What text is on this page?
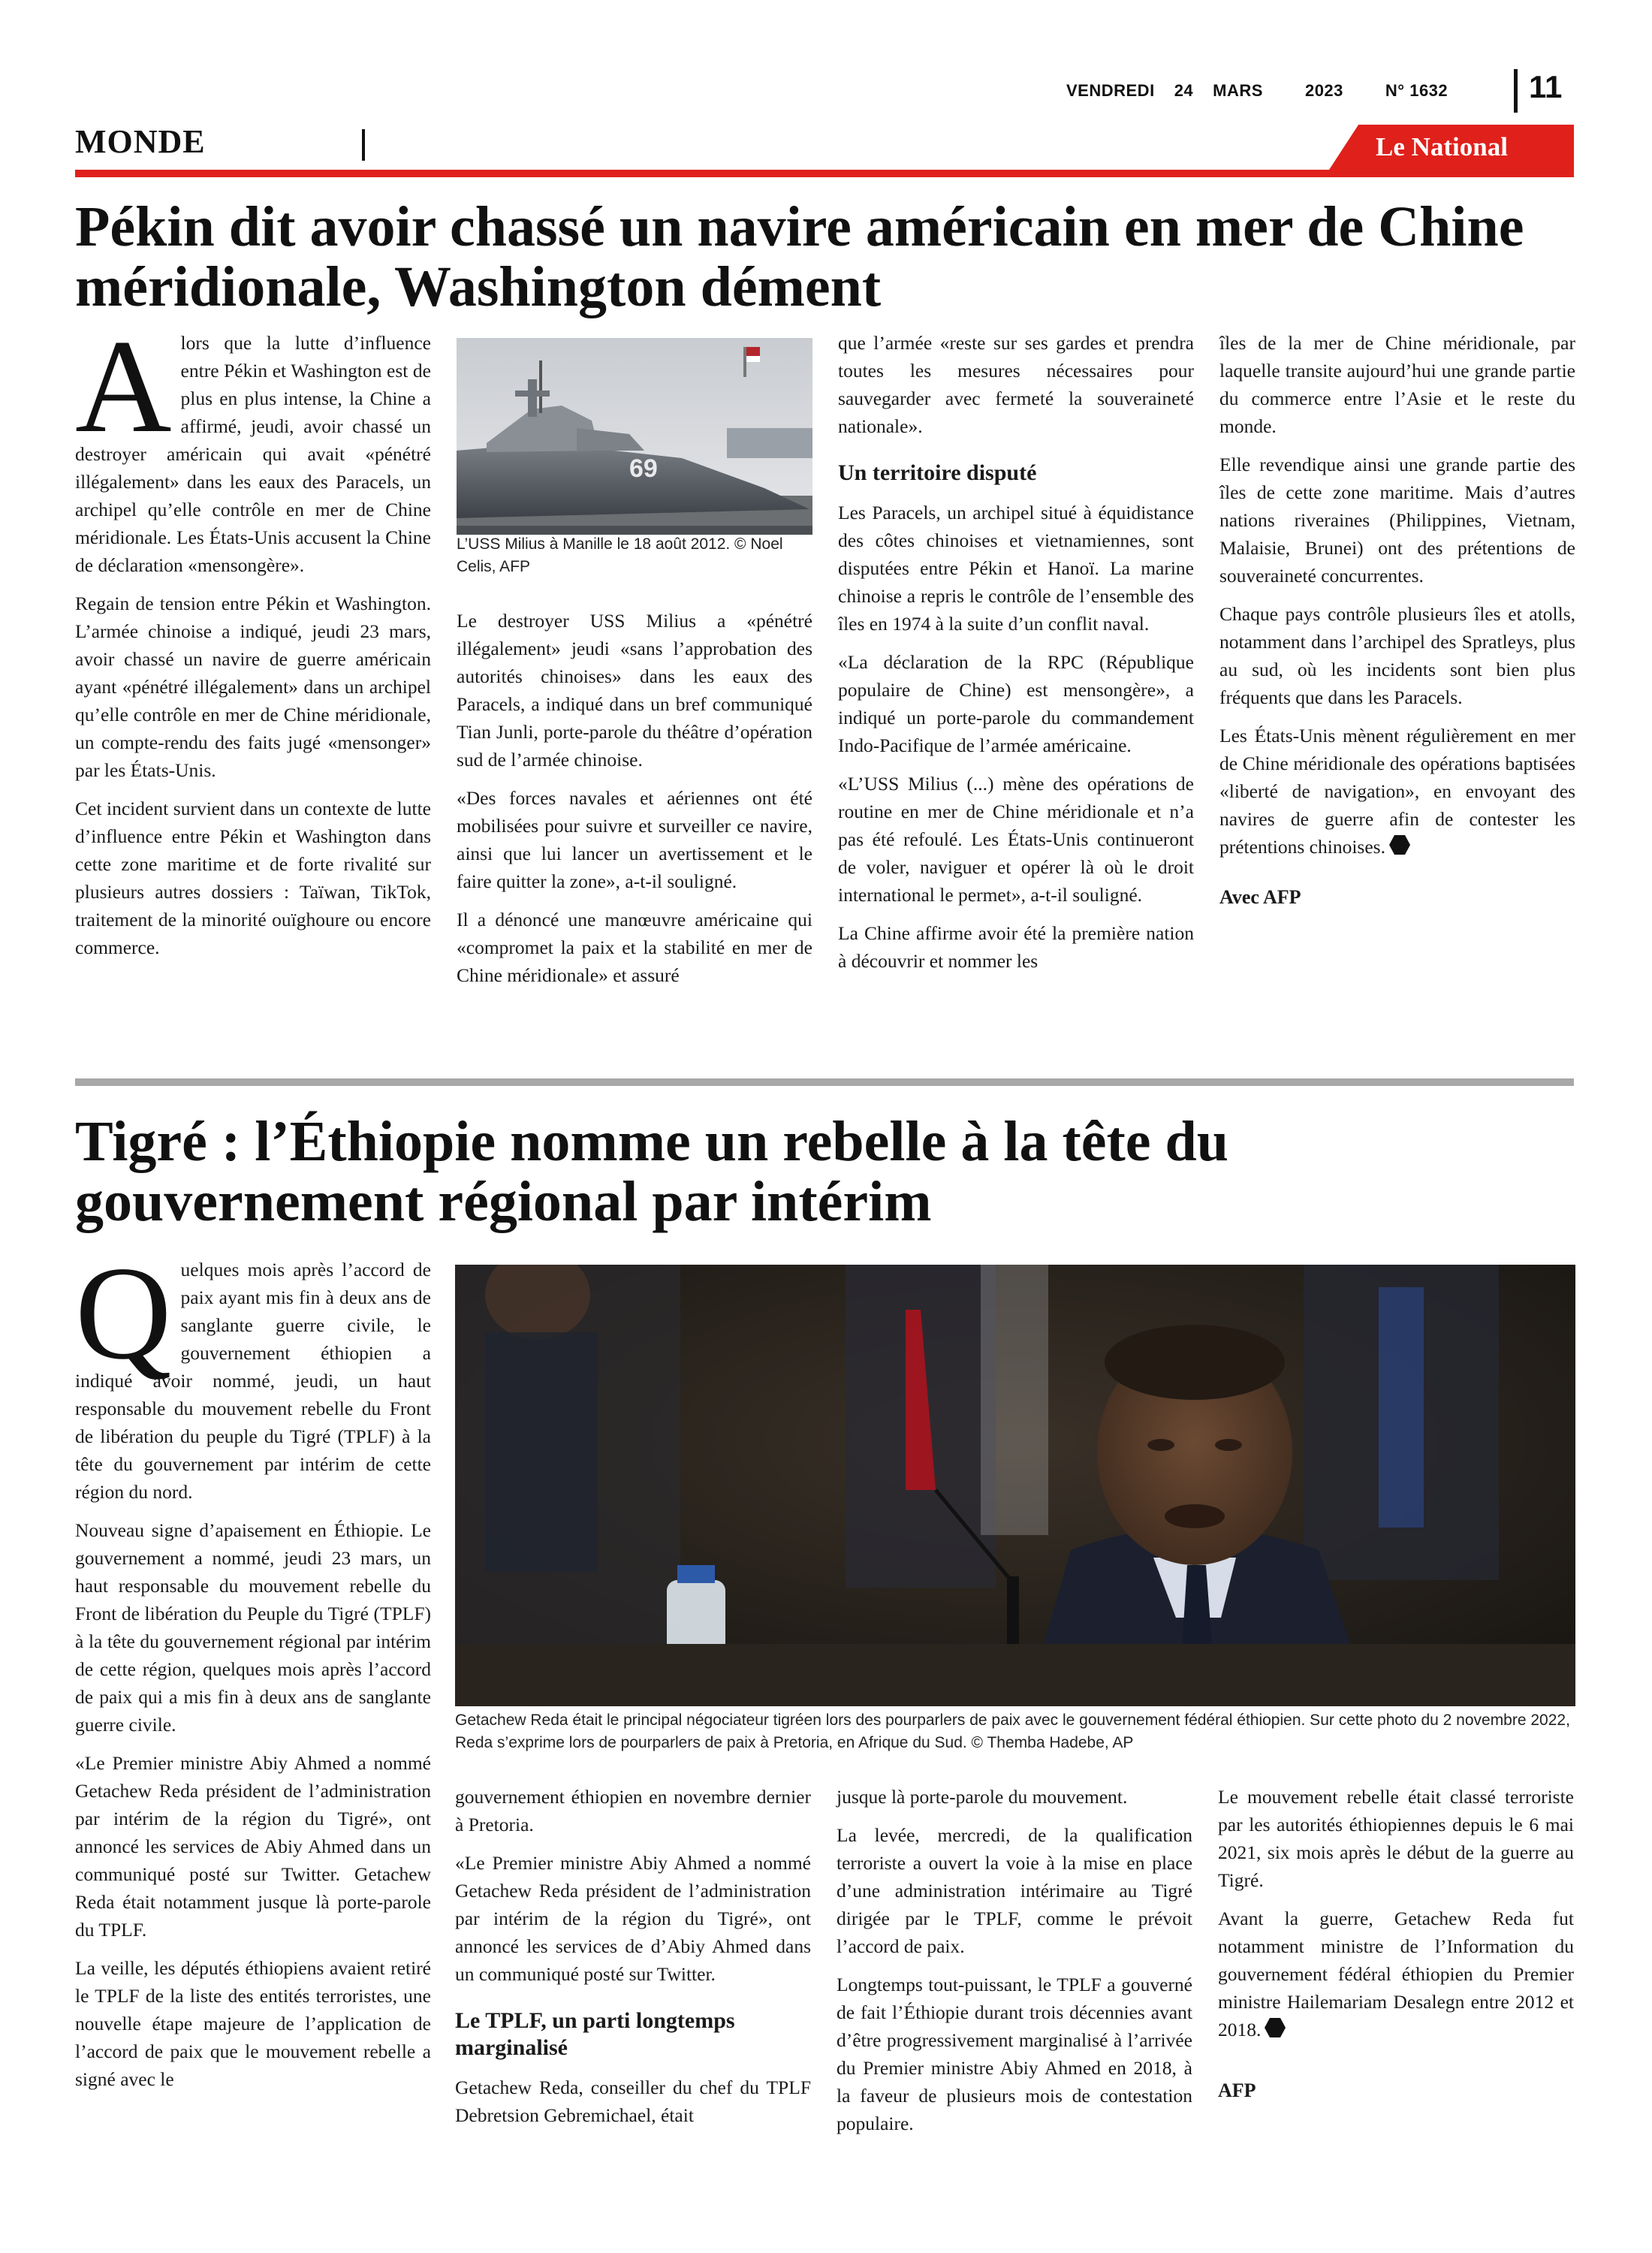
VENDREDI 24 MARS	2023	N° 1632	11
MONDE	Le National
Pékin dit avoir chassé un navire américain en mer de Chine méridionale, Washington dément

Alors que la lutte d’influence entre Pékin et Washington est de plus en plus intense, la Chine a affirmé, jeudi, avoir chassé un destroyer américain qui avait «pénétré illégalement» dans les eaux des Paracels, un archipel qu’elle contrôle en mer de Chine méridionale. Les États-Unis accusent la Chine de déclaration «mensongère».

Regain de tension entre Pékin et Washington. L’armée chinoise a indiqué, jeudi 23 mars, avoir chassé un navire de guerre américain ayant «pénétré illégalement» dans un archipel qu’elle contrôle en mer de Chine méridionale, un compte-rendu des faits jugé «mensonger» par les États-Unis.

Cet incident survient dans un contexte de lutte d’influence entre Pékin et Washington dans cette zone maritime et de forte rivalité sur plusieurs autres dossiers : Taïwan, TikTok, traitement de la minorité ouïghoure ou encore commerce.

69
L’USS Milius à Manille le 18 août 2012. © Noel Celis, AFP

Le destroyer USS Milius a «pénétré illégalement» jeudi «sans l’approbation des autorités chinoises» dans les eaux des Paracels, a indiqué dans un bref communiqué Tian Junli, porte-parole du théâtre d’opération sud de l’armée chinoise.

«Des forces navales et aériennes ont été mobilisées pour suivre et surveiller ce navire, ainsi que lui lancer un avertissement et le faire quitter la zone», a-t-il souligné.

Il a dénoncé une manœuvre américaine qui «compromet la paix et la stabilité en mer de Chine méridionale» et assuré

que l’armée «reste sur ses gardes et prendra toutes les mesures nécessaires pour sauvegarder avec fermeté la souveraineté nationale».

Un territoire disputé

Les Paracels, un archipel situé à équidistance des côtes chinoises et vietnamiennes, sont disputées entre Pékin et Hanoï. La marine chinoise a repris le contrôle de l’ensemble des îles en 1974 à la suite d’un conflit naval.

«La déclaration de la RPC (République populaire de Chine) est mensongère», a indiqué un porte-parole du commandement Indo-Pacifique de l’armée américaine.

«L’USS Milius (...) mène des opérations de routine en mer de Chine méridionale et n’a pas été refoulé. Les États-Unis continueront de voler, naviguer et opérer là où le droit international le permet», a-t-il souligné.

La Chine affirme avoir été la première nation à découvrir et nommer les

îles de la mer de Chine méridionale, par laquelle transite aujourd’hui une grande partie du commerce entre l’Asie et le reste du monde.

Elle revendique ainsi une grande partie des îles de cette zone maritime. Mais d’autres nations riveraines (Philippines, Vietnam, Malaisie, Brunei) ont des prétentions de souveraineté concurrentes.

Chaque pays contrôle plusieurs îles et atolls, notamment dans l’archipel des Spratleys, plus au sud, où les incidents sont bien plus fréquents que dans les Paracels.

Les États-Unis mènent régulièrement en mer de Chine méridionale des opérations baptisées «liberté de navigation», en envoyant des navires de guerre afin de contester les prétentions chinoises.

Avec AFP

Tigré : l’Éthiopie nomme un rebelle à la tête du gouvernement régional par intérim

Quelques mois après l’accord de paix ayant mis fin à deux ans de sanglante guerre civile, le gouvernement éthiopien a indiqué avoir nommé, jeudi, un haut responsable du mouvement rebelle du Front de libération du peuple du Tigré (TPLF) à la tête du gouvernement par intérim de cette région du nord.

Nouveau signe d’apaisement en Éthiopie. Le gouvernement a nommé, jeudi 23 mars, un haut responsable du mouvement rebelle du Front de libération du Peuple du Tigré (TPLF) à la tête du gouvernement régional par intérim de cette région, quelques mois après l’accord de paix qui a mis fin à deux ans de sanglante guerre civile.

«Le Premier ministre Abiy Ahmed a nommé Getachew Reda président de l’administration par intérim de la région du Tigré», ont annoncé les services de Abiy Ahmed dans un communiqué posté sur Twitter. Getachew Reda était notamment jusque là porte-parole du TPLF.

La veille, les députés éthiopiens avaient retiré le TPLF de la liste des entités terroristes, une nouvelle étape majeure de l’application de l’accord de paix que le mouvement rebelle a signé avec le

Getachew Reda était le principal négociateur tigréen lors des pourparlers de paix avec le gouvernement fédéral éthiopien. Sur cette photo du 2 novembre 2022, Reda s’exprime lors de pourparlers de paix à Pretoria, en Afrique du Sud. © Themba Hadebe, AP

gouvernement éthiopien en novembre dernier à Pretoria.

«Le Premier ministre Abiy Ahmed a nommé Getachew Reda président de l’administration par intérim de la région du Tigré», ont annoncé les services de d’Abiy Ahmed dans un communiqué posté sur Twitter.

Le TPLF, un parti longtemps marginalisé

Getachew Reda, conseiller du chef du TPLF Debretsion Gebremichael, était

jusque là porte-parole du mouvement.

La levée, mercredi, de la qualification terroriste a ouvert la voie à la mise en place d’une administration intérimaire au Tigré dirigée par le TPLF, comme le prévoit l’accord de paix.

Longtemps tout-puissant, le TPLF a gouverné de fait l’Éthiopie durant trois décennies avant d’être progressivement marginalisé à l’arrivée du Premier ministre Abiy Ahmed en 2018, à la faveur de plusieurs mois de contestation populaire.

Le mouvement rebelle était classé terroriste par les autorités éthiopiennes depuis le 6 mai 2021, six mois après le début de la guerre au Tigré.

Avant la guerre, Getachew Reda fut notamment ministre de l’Information du gouvernement fédéral éthiopien du Premier ministre Hailemariam Desalegn entre 2012 et 2018.

AFP
